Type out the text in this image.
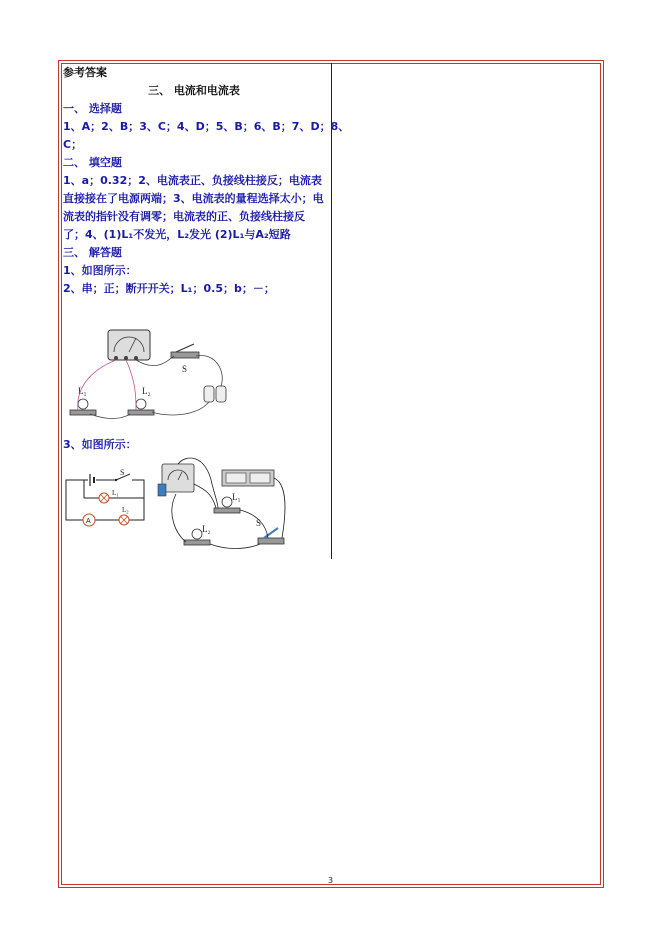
参考答案
三、 电流和电流表
一、 选择题
1、A；2、B；3、C；4、D；5、B；6、B；7、D；8、
C；
二、 填空题
1、a；0.32；2、电流表正、负接线柱接反；电流表直接接在了电源两端；3、电流表的量程选择太小；电流表的指针没有调零；电流表的正、负接线柱接反了；4、(1)L₁不发光，L₂发光 (2)L₁与A₂短路
三、 解答题
1、如图所示：
2、串；正；断开开关；L₁；0.5；b；－；
S
L₁	L₂
3、如图所示：
S
L₁
A
L₂
L₁
L₂
S
3
